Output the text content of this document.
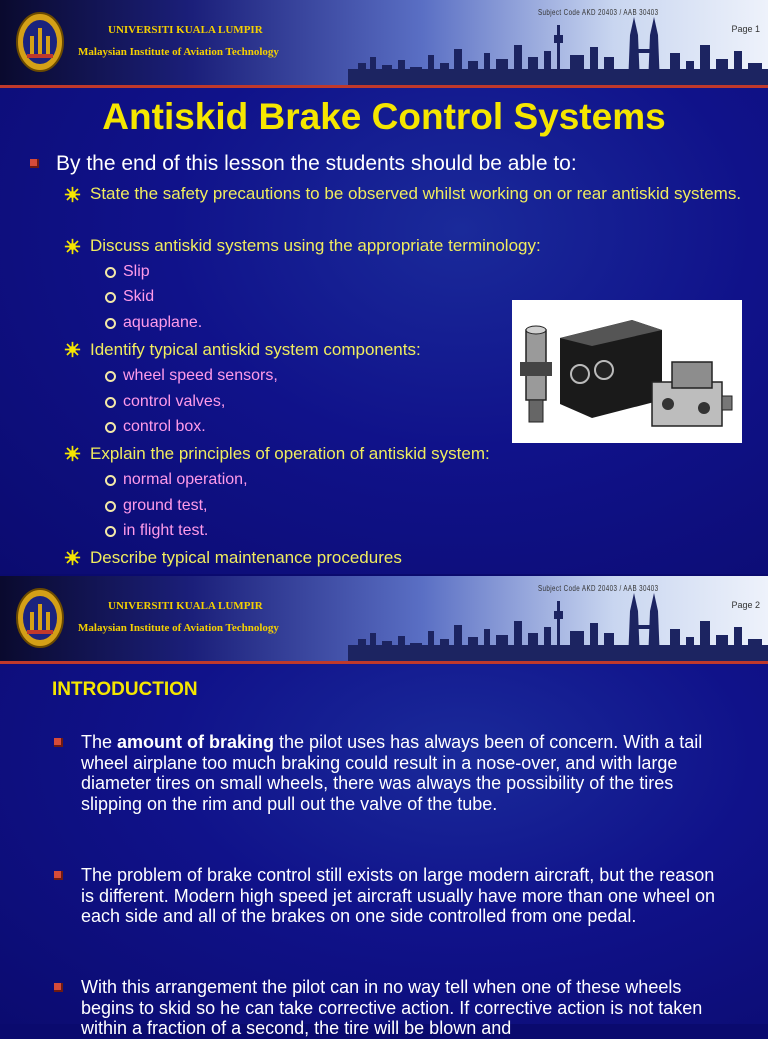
UNIVERSITI KUALA LUMPIR
Malaysian Institute of Aviation Technology
Subject Code AKD 20403 / AAB 30403
Page 1
Antiskid Brake Control Systems
By the end of this lesson the students should be able to:
State the safety precautions to be observed whilst working on or rear antiskid systems.
Discuss antiskid systems using the appropriate terminology:
Slip
Skid
aquaplane.
Identify typical antiskid system components:
wheel speed sensors,
control valves,
control box.
Explain the principles of operation of antiskid system:
normal operation,
ground test,
in flight test.
Describe typical maintenance procedures
UNIVERSITI KUALA LUMPIR
Malaysian Institute of Aviation Technology
Subject Code AKD 20403 / AAB 30403
Page 2
INTRODUCTION
The amount of braking the pilot uses has always been of concern. With a tail wheel airplane too much braking could result in a nose-over, and with large diameter tires on small wheels, there was always the possibility of the tires slipping on the rim and pull out the valve of the tube.
The problem of brake control still exists on large modern aircraft, but the reason is different. Modern high speed jet aircraft usually have more than one wheel on each side and all of the brakes on one side controlled from one pedal.
With this arrangement the pilot can in no way tell when one of these wheels begins to skid so he can take corrective action. If corrective action is not taken within a fraction of a second, the tire will be blown and
